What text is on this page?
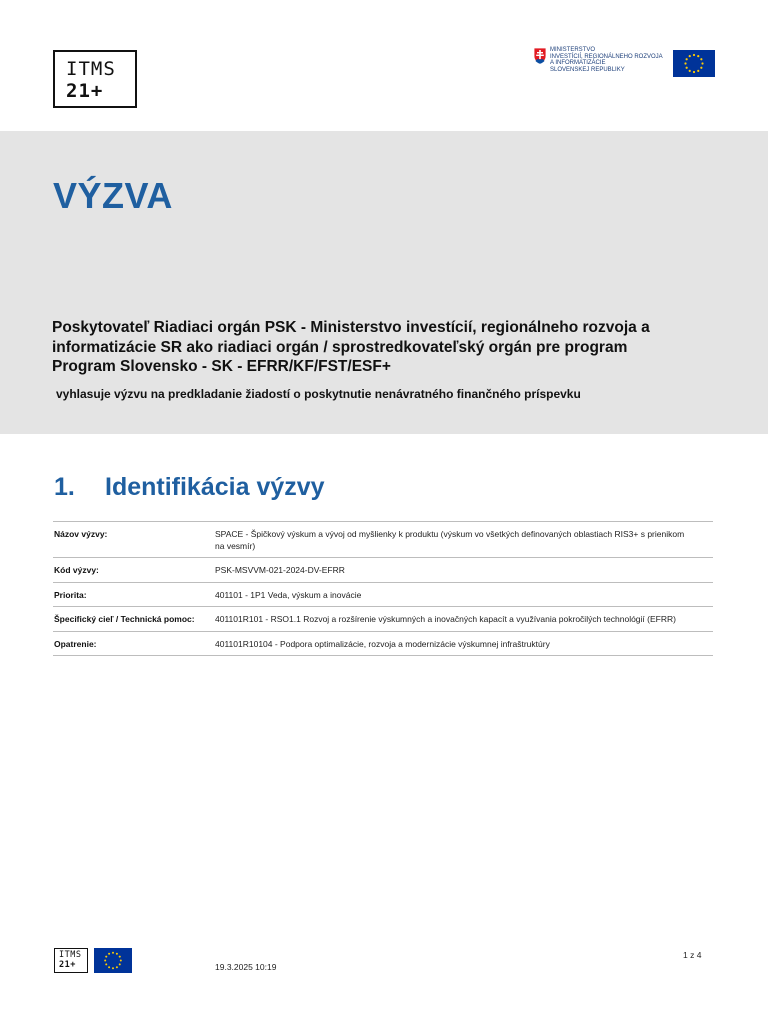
ITMS
21+
MINISTERSTVO
INVESTÍCIÍ, REGIONÁLNEHO ROZVOJA
A INFORMATIZÁCIE
SLOVENSKEJ REPUBLIKY
VÝZVA
Poskytovateľ Riadiaci orgán PSK - Ministerstvo investícií, regionálneho rozvoja a informatizácie SR ako riadiaci orgán / sprostredkovateľský orgán pre program Program Slovensko - SK - EFRR/KF/FST/ESF+
vyhlasuje výzvu na predkladanie žiadostí o poskytnutie nenávratného finančného príspevku
1. Identifikácia výzvy
Názov výzvy:	SPACE - Špičkový výskum a vývoj od myšlienky k produktu (výskum vo všetkých definovaných oblastiach RIS3+ s prienikom na vesmír)
Kód výzvy:	PSK-MSVVM-021-2024-DV-EFRR
Priorita:	401101 - 1P1 Veda, výskum a inovácie
Špecifický cieľ / Technická pomoc:	401101R101 - RSO1.1 Rozvoj a rozšírenie výskumných a inovačných kapacít a využívania pokročilých technológií (EFRR)
Opatrenie:	401101R10104 - Podpora optimalizácie, rozvoja a modernizácie výskumnej infraštruktúry
ITMS
21+	19.3.2025 10:19
1 z 4
